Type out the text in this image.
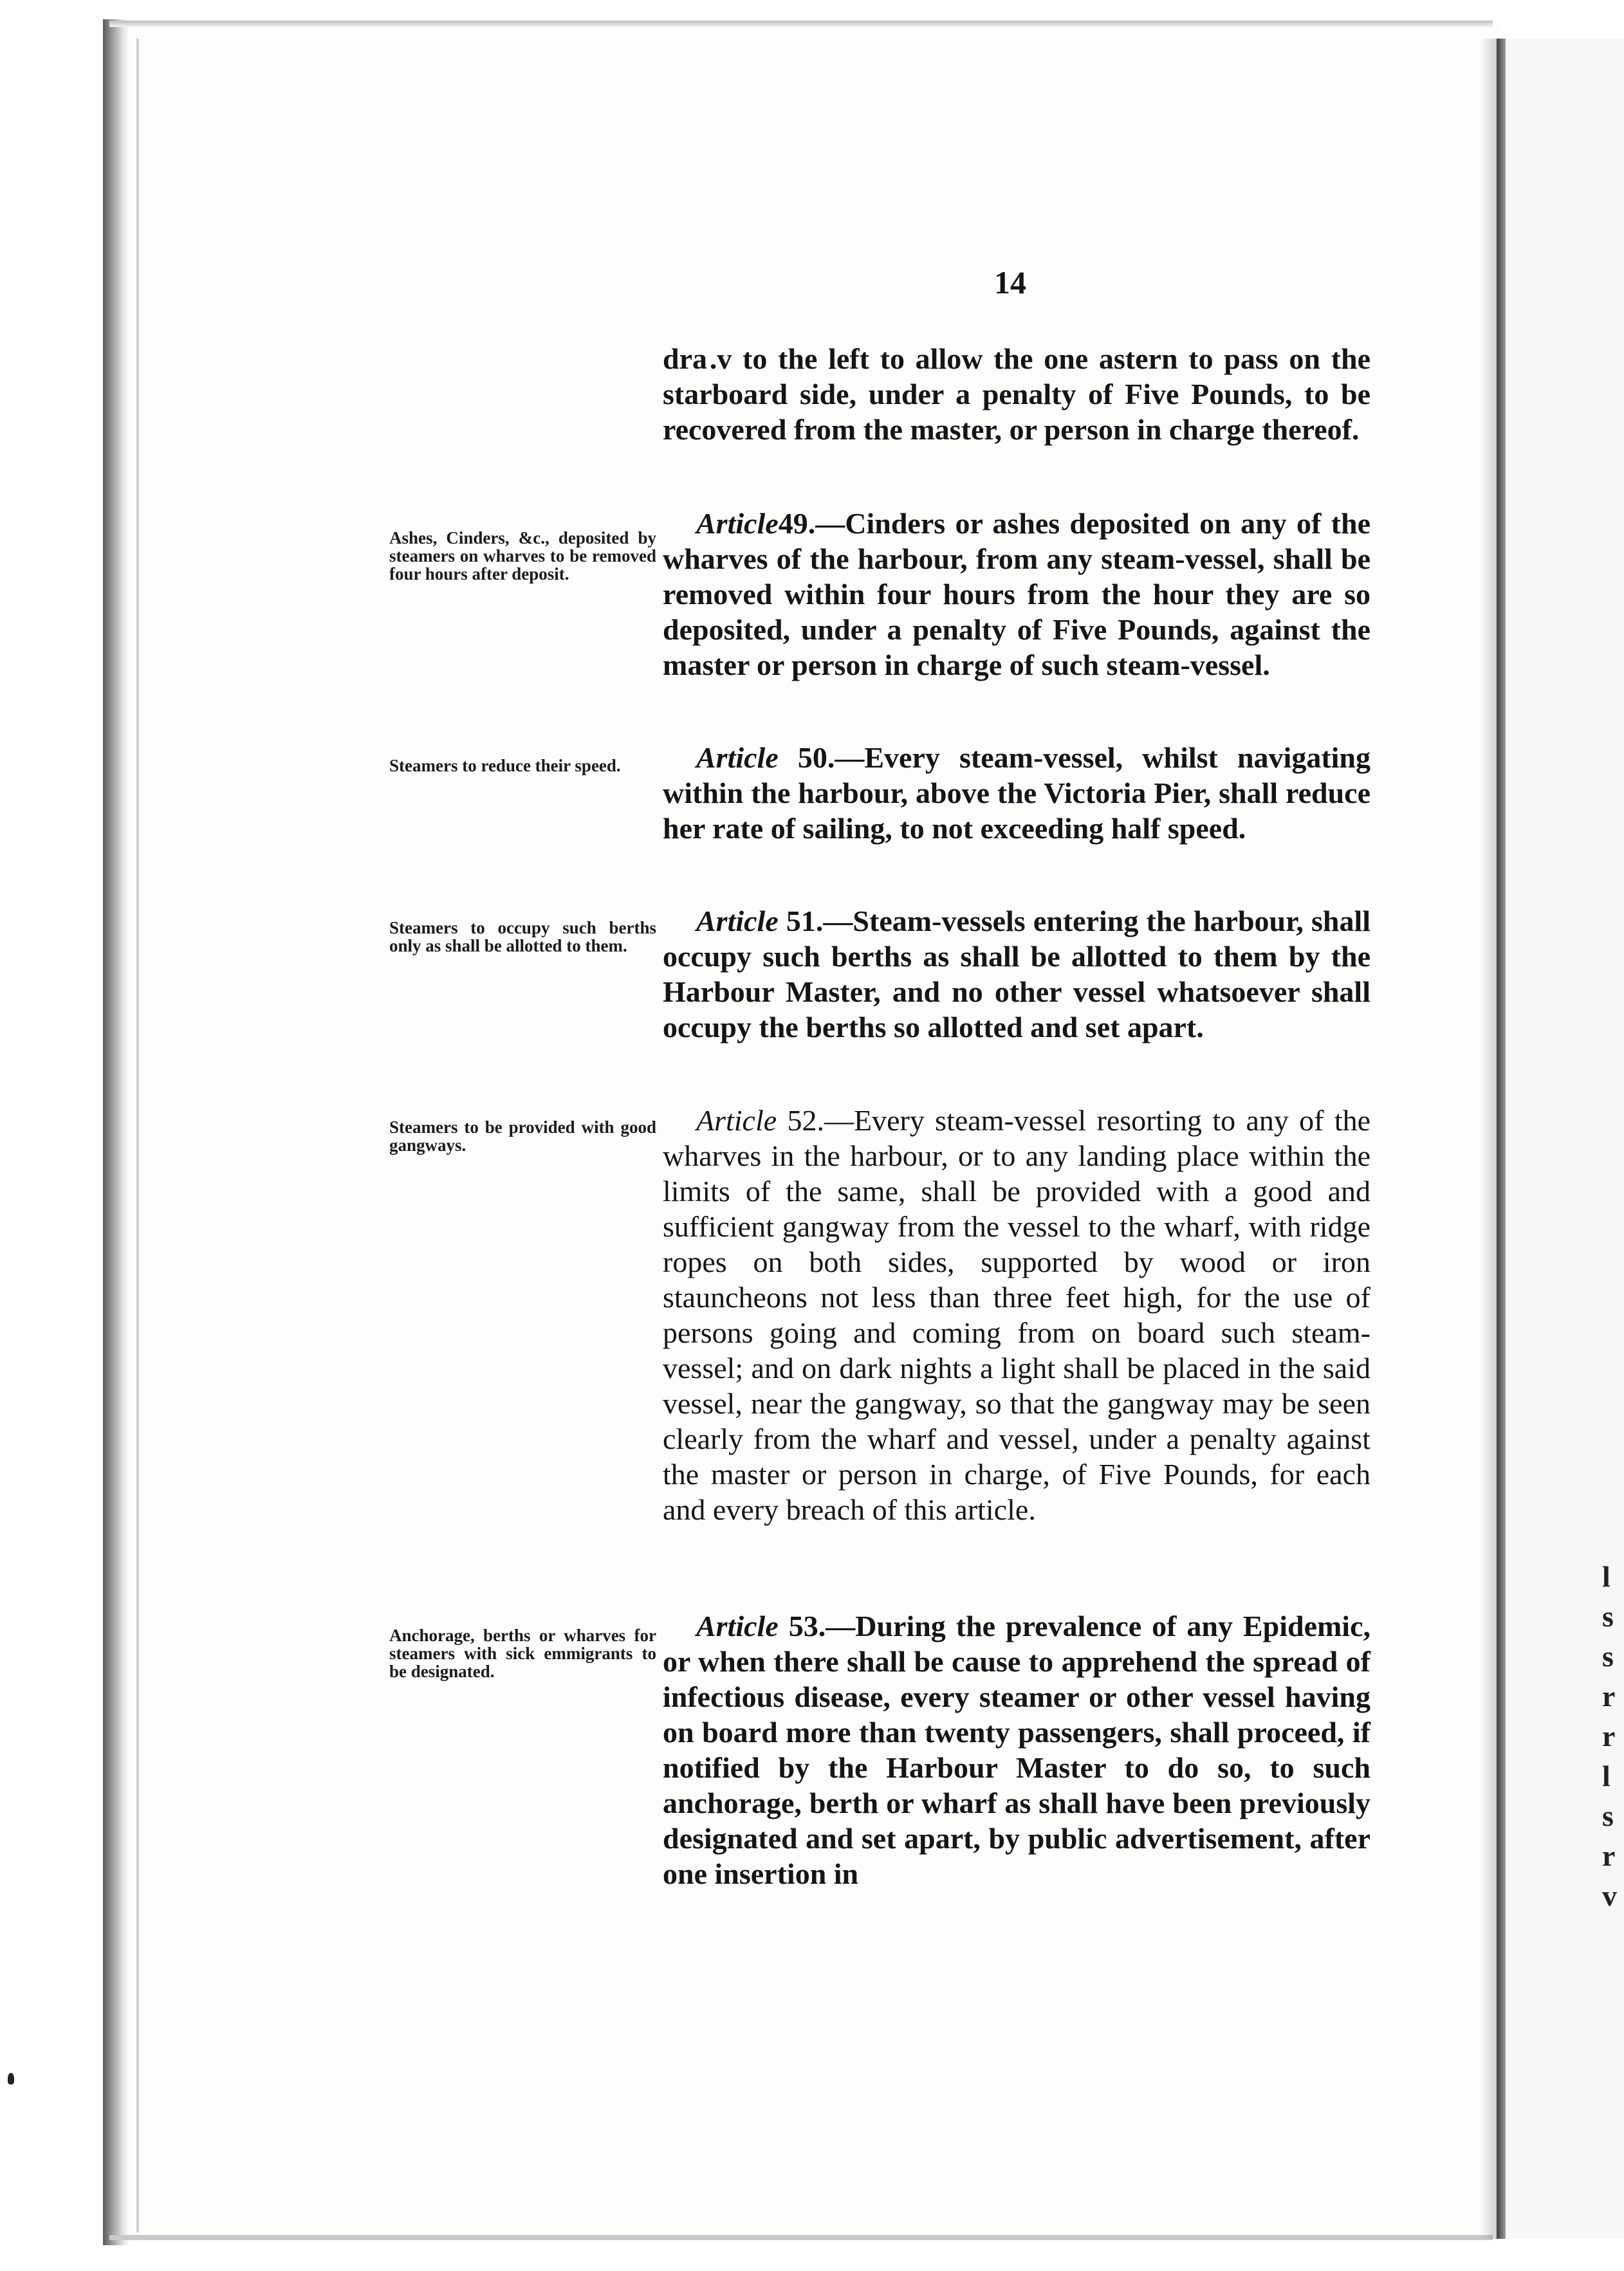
l
s
s
r
r
l
s
r
v
14
dra .v to the left to allow the one astern to pass on the starboard side, under a penalty of Five Pounds, to be recovered from the master, or person in charge thereof.
Ashes, Cinders, &c., deposited by steamers on wharves to be removed four hours after deposit.
Article49.—Cinders or ashes deposited on any of the wharves of the harbour, from any steam-vessel, shall be removed within four hours from the hour they are so deposited, under a penalty of Five Pounds, against the master or person in charge of such steam-vessel.
Steamers to reduce their speed.	Article 50.—Every steam-vessel, whilst navigating within the harbour, above the Victoria Pier, shall reduce her rate of sailing, to not exceeding half speed.
Steamers to occupy such berths only as shall be allotted to them.
Article 51.—Steam-vessels entering the harbour, shall occupy such berths as shall be allotted to them by the Harbour Master, and no other vessel whatsoever shall occupy the berths so allotted and set apart.
Steamers to be provided with good gangways.
Article 52.—Every steam-vessel resorting to any of the wharves in the harbour, or to any landing place within the limits of the same, shall be provided with a good and sufficient gangway from the vessel to the wharf, with ridge ropes on both sides, supported by wood or iron staunchеons not less than three feet high, for the use of persons going and coming from on board such steam-vessel; and on dark nights a light shall be placed in the said vessel, near the gangway, so that the gangway may be seen clearly from the wharf and vessel, under a penalty against the master or person in charge, of Five Pounds, for each and every breach of this article.
Anchorage, berths or wharves for steamers with sick emmigrants to be designated.
Article 53.—During the prevalence of any Epidemic, or when there shall be cause to apprehend the spread of infectious disease, every steamer or other vessel having on board more than twenty passengers, shall proceed, if notified by the Harbour Master to do so, to such anchorage, berth or wharf as shall have been previously designated and set apart, by public advertisement, after one insertion in
